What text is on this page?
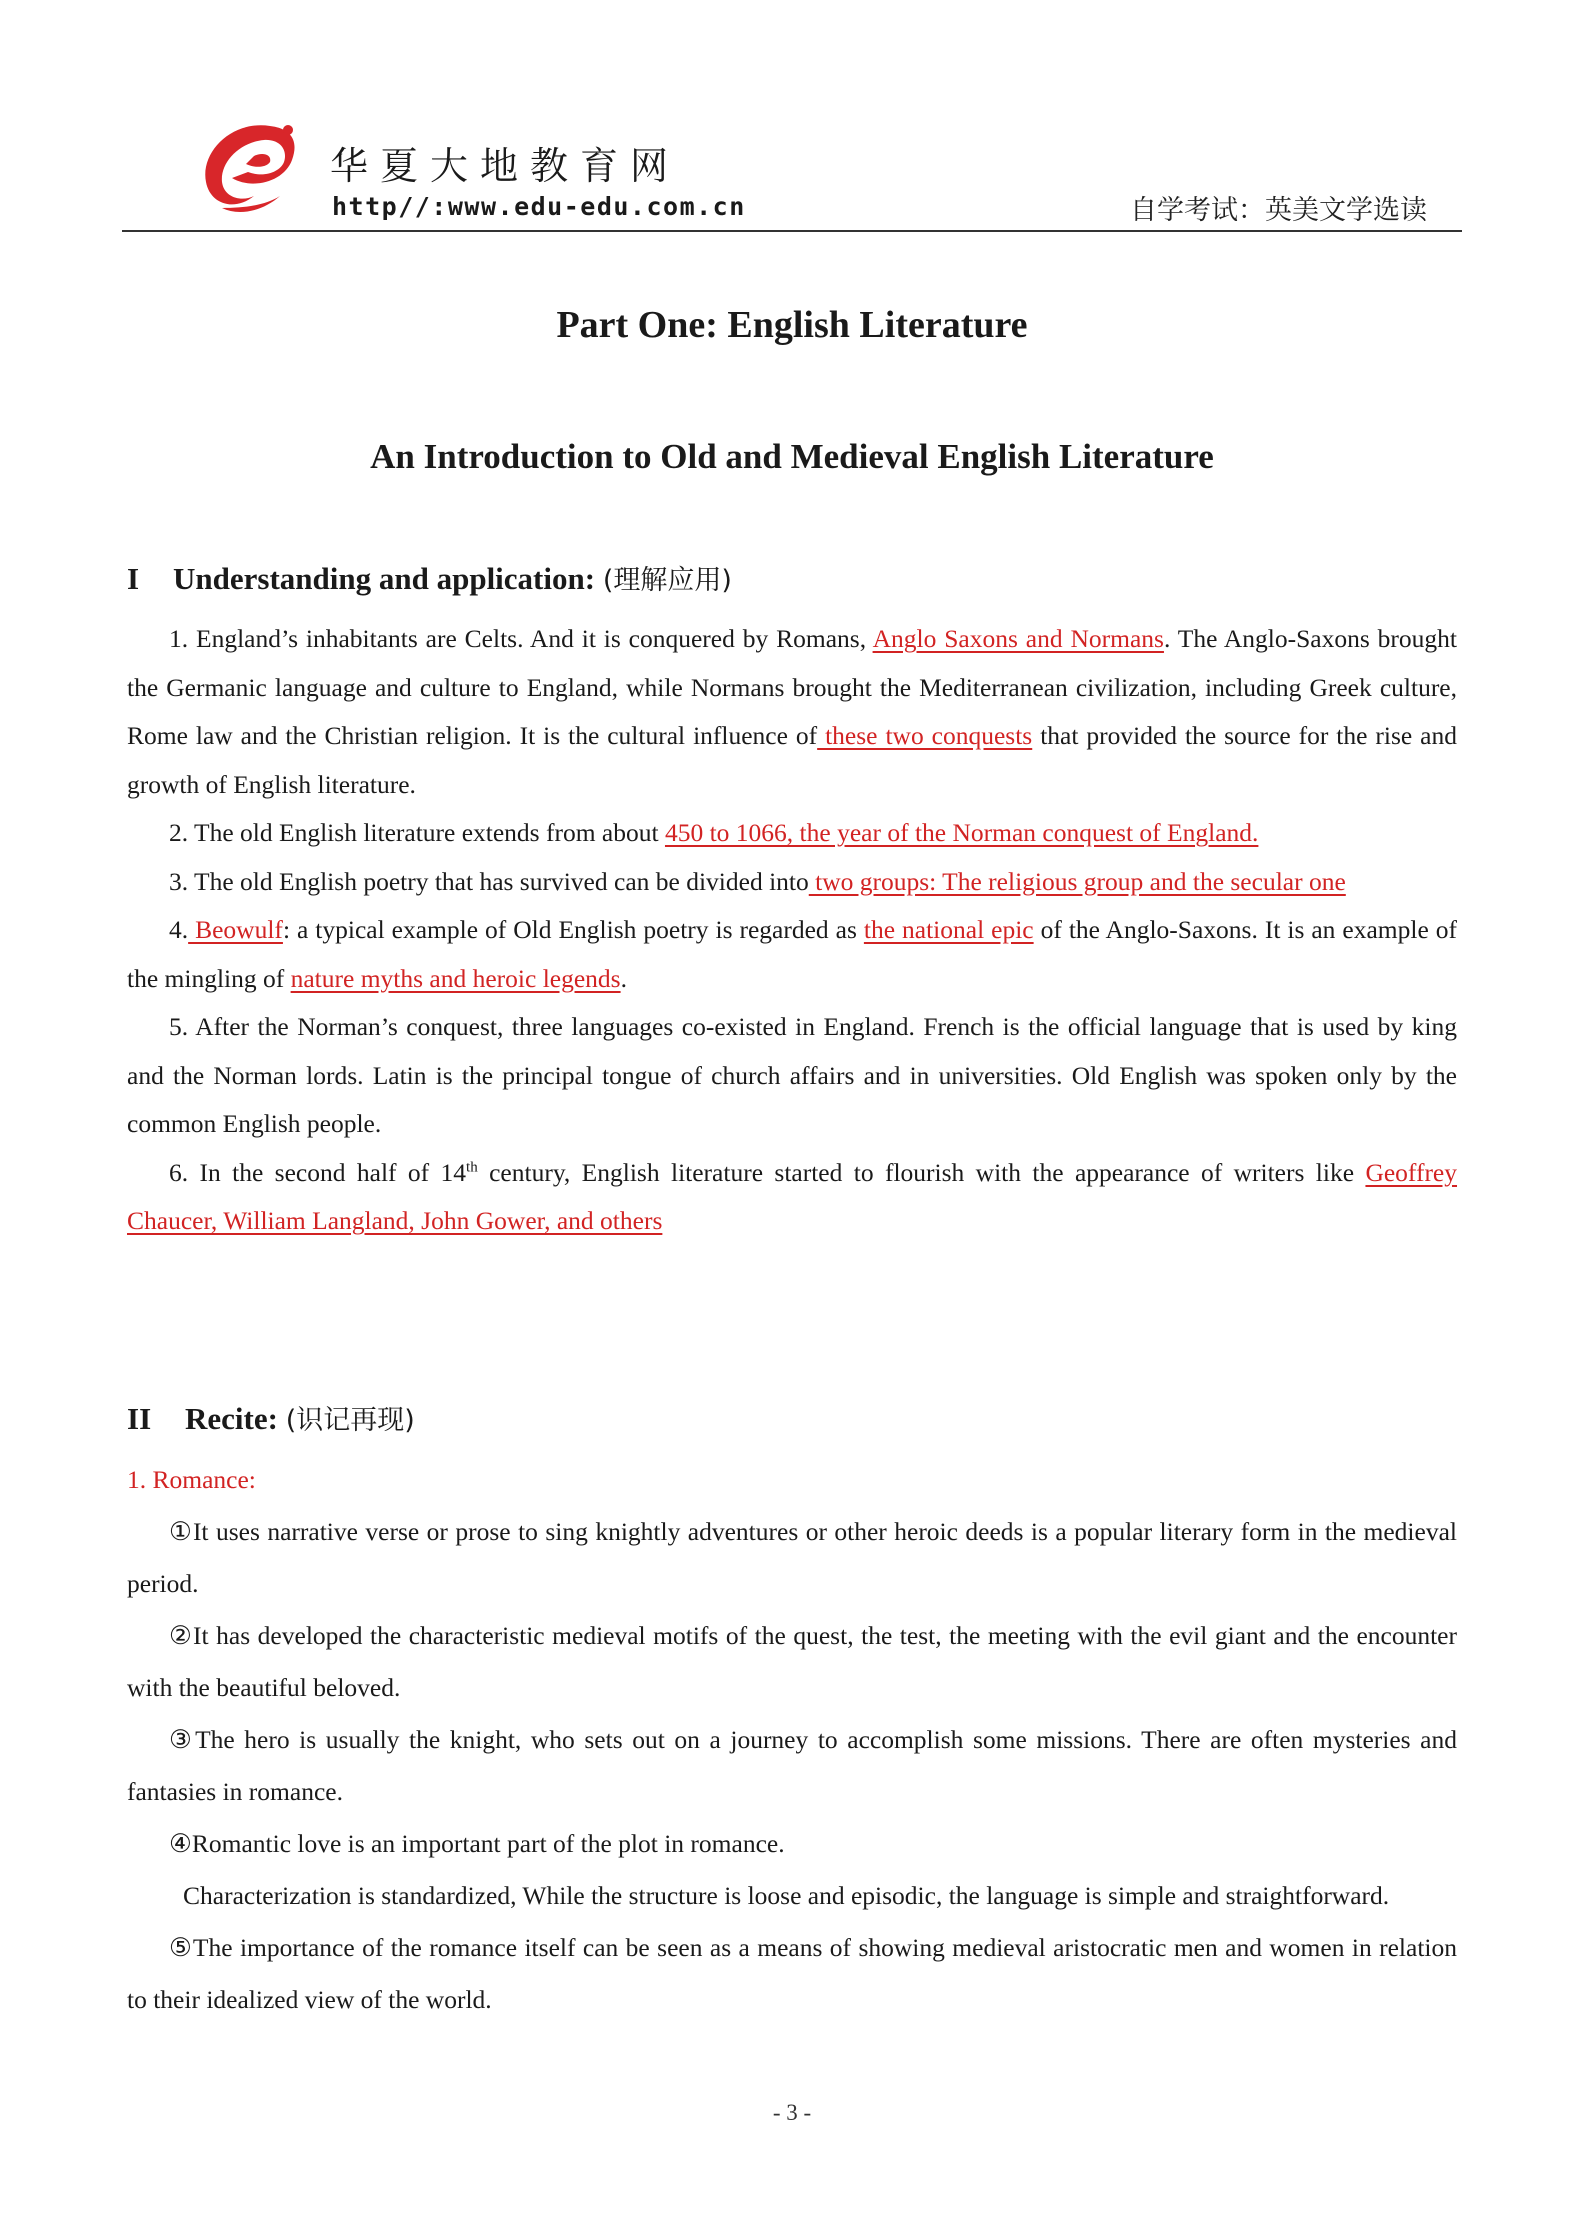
华夏大地教育网
http//:www.edu-edu.com.cn	自学考试：英美文学选读
Part One: English Literature
An Introduction to Old and Medieval English Literature
I Understanding and application: (理解应用)

1. England’s inhabitants are Celts. And it is conquered by Romans, Anglo Saxons and Normans. The Anglo-Saxons brought the Germanic language and culture to England, while Normans brought the Mediterranean civilization, including Greek culture, Rome law and the Christian religion. It is the cultural influence of these two conquests that provided the source for the rise and growth of English literature.

2. The old English literature extends from about 450 to 1066, the year of the Norman conquest of England.

3. The old English poetry that has survived can be divided into two groups: The religious group and the secular one

4. Beowulf: a typical example of Old English poetry is regarded as the national epic of the Anglo-Saxons. It is an example of the mingling of nature myths and heroic legends.

5. After the Norman’s conquest, three languages co-existed in England. French is the official language that is used by king and the Norman lords. Latin is the principal tongue of church affairs and in universities. Old English was spoken only by the common English people.

6. In the second half of 14th century, English literature started to flourish with the appearance of writers like Geoffrey Chaucer, William Langland, John Gower, and others

II Recite: (识记再现)

1. Romance:

①It uses narrative verse or prose to sing knightly adventures or other heroic deeds is a popular literary form in the medieval period.

②It has developed the characteristic medieval motifs of the quest, the test, the meeting with the evil giant and the encounter with the beautiful beloved.

③The hero is usually the knight, who sets out on a journey to accomplish some missions. There are often mysteries and fantasies in romance.

④Romantic love is an important part of the plot in romance.

Characterization is standardized, While the structure is loose and episodic, the language is simple and straightforward.

⑤The importance of the romance itself can be seen as a means of showing medieval aristocratic men and women in relation to their idealized view of the world.

- 3 -
